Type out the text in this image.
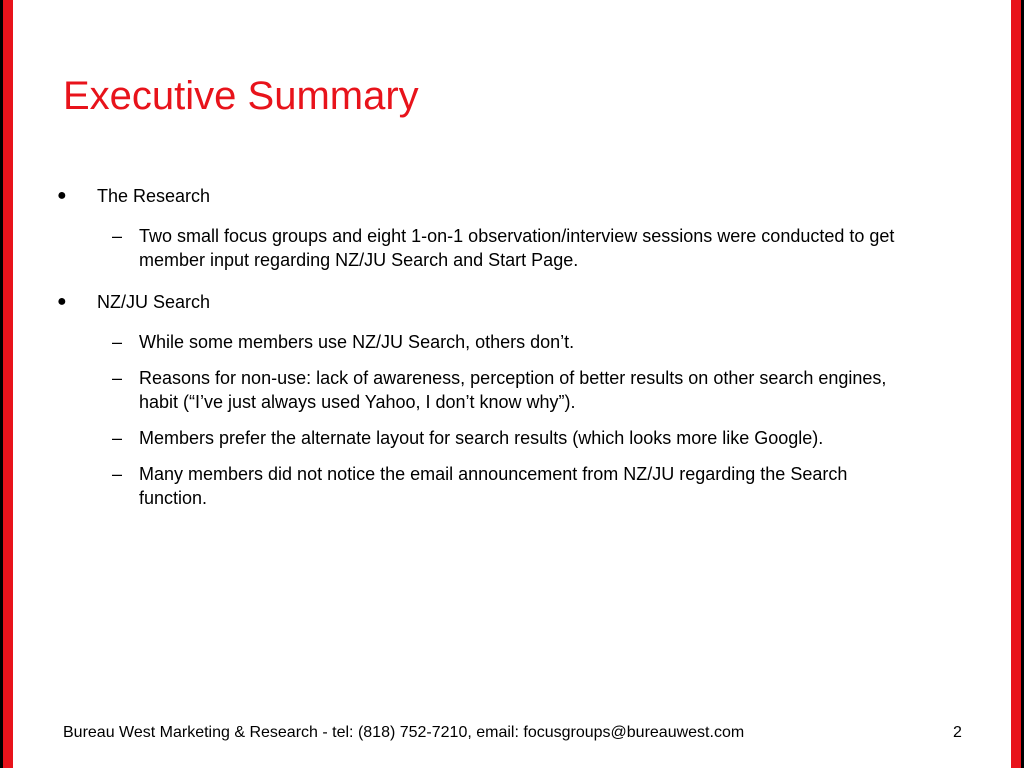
Executive Summary
● The Research
– Two small focus groups and eight 1-on-1 observation/interview sessions were conducted to get member input regarding NZ/JU Search and Start Page.
● NZ/JU Search
– While some members use NZ/JU Search, others don’t.
– Reasons for non-use: lack of awareness, perception of better results on other search engines, habit (“I’ve just always used Yahoo, I don’t know why”).
– Members prefer the alternate layout for search results (which looks more like Google).
– Many members did not notice the email announcement from NZ/JU regarding the Search function.
Bureau West Marketing & Research - tel: (818) 752-7210, email: focusgroups@bureauwest.com	2
